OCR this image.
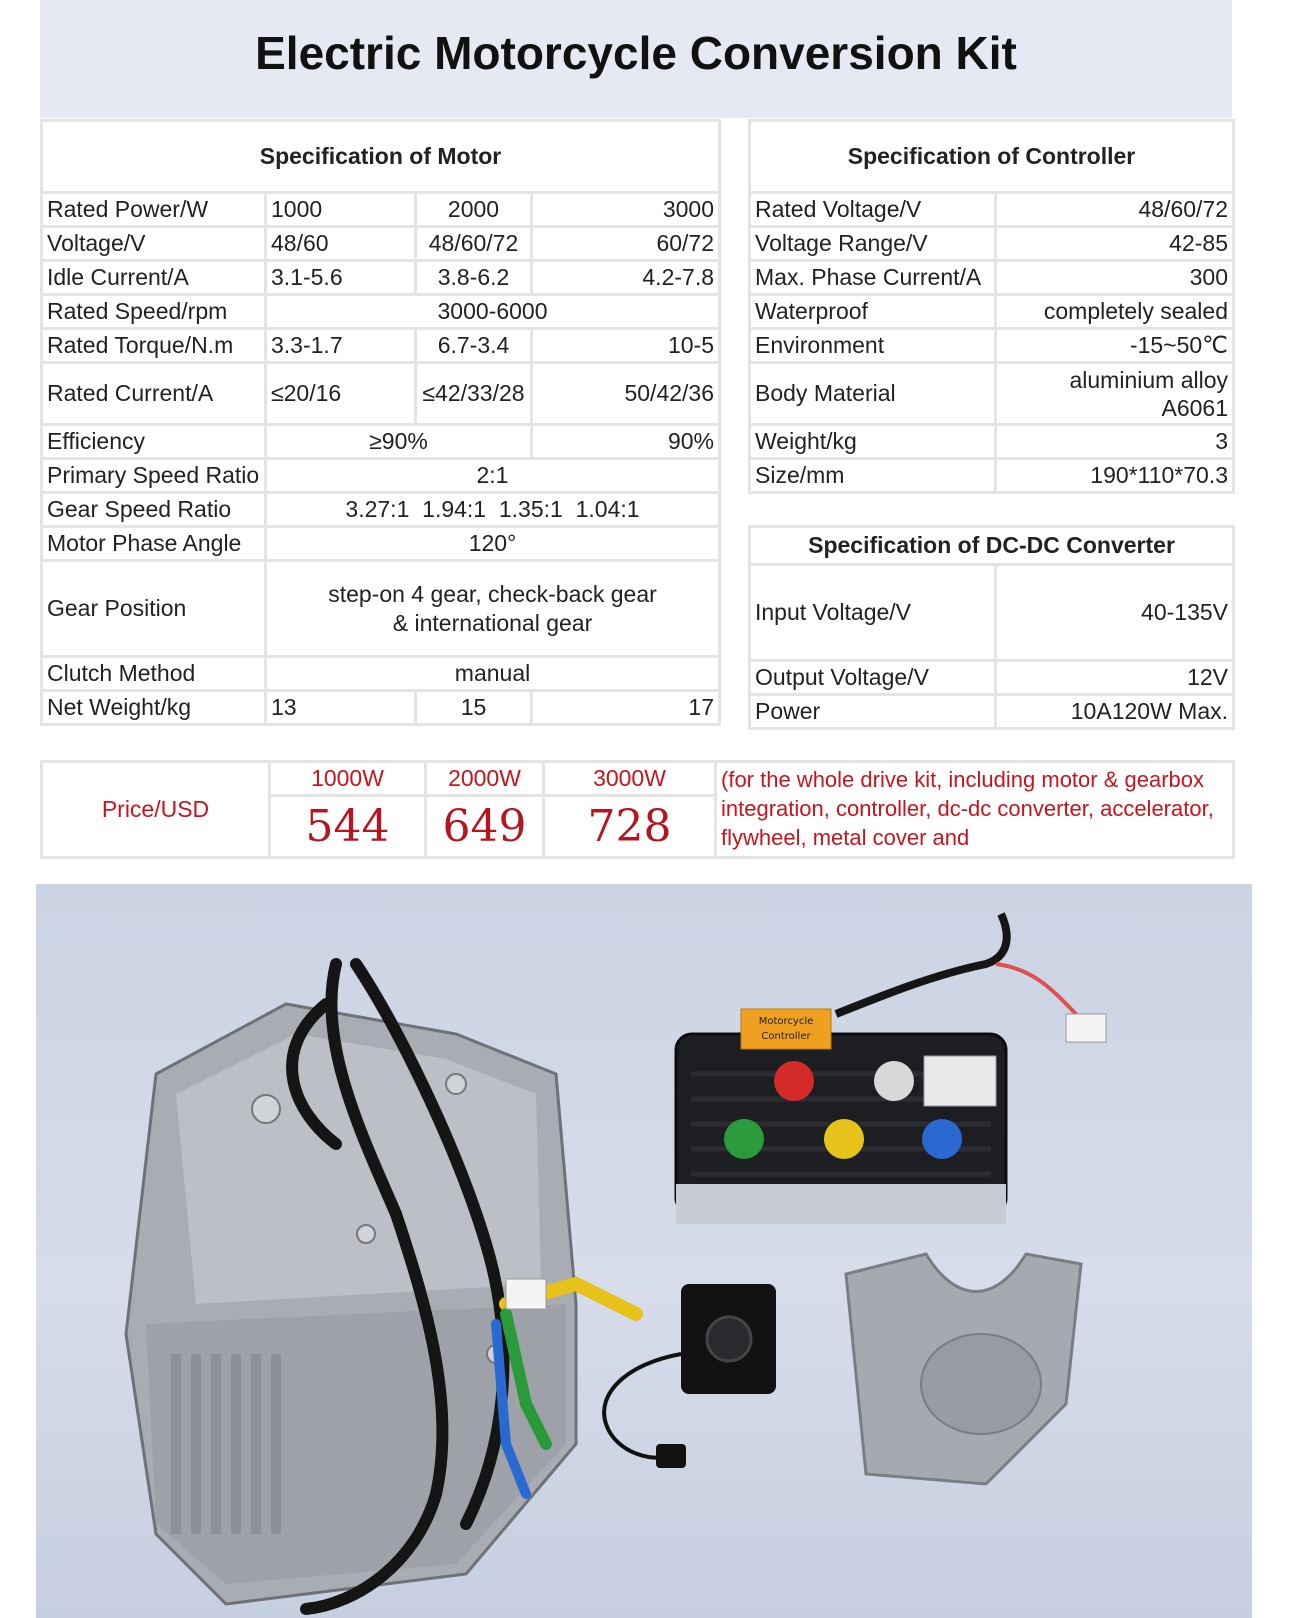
Electric Motorcycle Conversion Kit
Specification of Motor			
Rated Power/W	1000	2000	3000
Voltage/V	48/60	48/60/72	60/72
Idle Current/A	3.1-5.6	3.8-6.2	4.2-7.8
Rated Speed/rpm	3000-6000		
Rated Torque/N.m	3.3-1.7	6.7-3.4	10-5
Rated Current/A	≤20/16	≤42/33/28	50/42/36
Efficiency	≥90%		90%
Primary Speed Ratio	2:1		
Gear Speed Ratio	3.27:1  1.94:1  1.35:1  1.04:1		
Motor Phase Angle	120°		
Gear Position	step-on 4 gear, check-back gear
& international gear		

Clutch Method	manual		
Net Weight/kg	13	15	17
Specification of Controller	
Rated Voltage/V	48/60/72
Voltage Range/V	42-85
Max. Phase Current/A	300
Waterproof	completely sealed
Environment	-15~50℃
Body Material	aluminium alloy
A6061

Weight/kg	3
Size/mm	190*110*70.3
Specification of DC-DC Converter	
Input Voltage/V	40-135V
Output Voltage/V	12V
Power	10A120W Max.
Price/USD	1000W	2000W	3000W	(for the whole drive kit, including motor & gearbox integration, controller, dc-dc converter, accelerator, flywheel, metal cover and
	544	649	728	
Motorcycle
Controller
